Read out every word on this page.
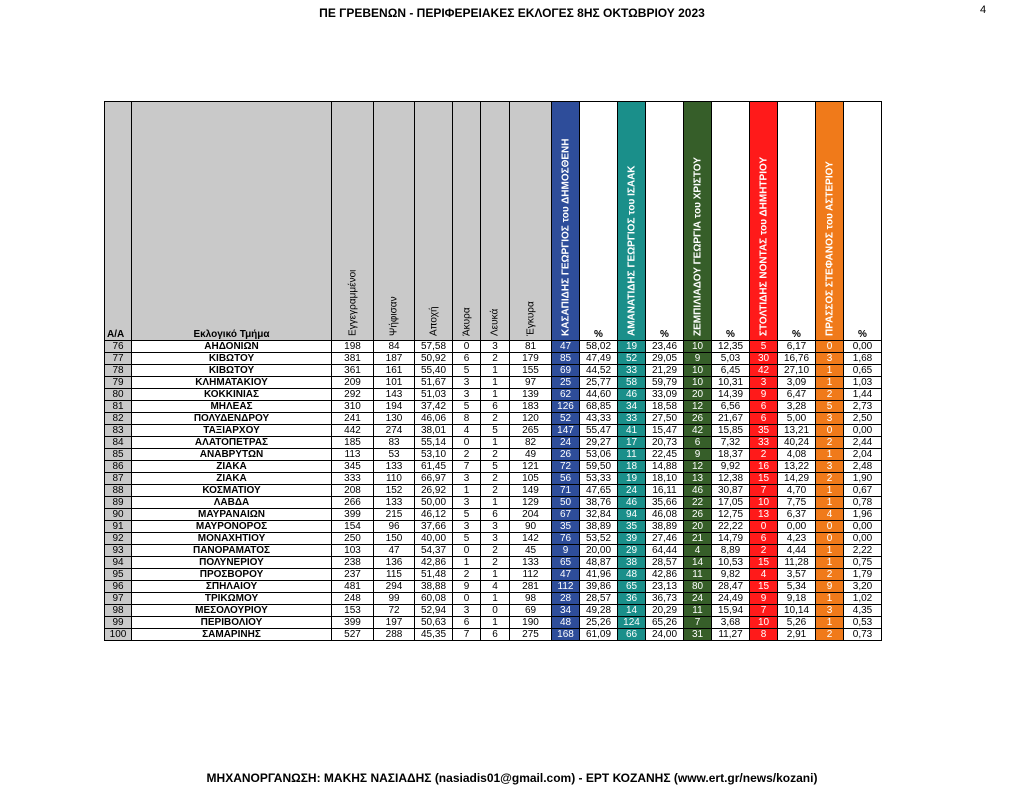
ΠΕ ΓΡΕΒΕΝΩΝ - ΠΕΡΙΦΕΡΕΙΑΚΕΣ ΕΚΛΟΓΕΣ 8ΗΣ ΟΚΤΩΒΡΙΟΥ 2023	4
Α/Α	Εκλογικό Τμήμα	Εγγεγραμμένοι	Ψήφισαν	Αποχή	Άκυρα	Λευκά	Έγκυρα	ΚΑΣΑΠΙΔΗΣ ΓΕΩΡΓΙΟΣ του ΔΗΜΟΣΘΕΝΗ	%	ΑΜΑΝΑΤΙΔΗΣ ΓΕΩΡΓΙΟΣ του ΙΣΑΑΚ	%	ΖΕΜΠΙΛΙΑΔΟΥ ΓΕΩΡΓΙΑ του ΧΡΙΣΤΟΥ	%	ΣΤΟΛΤΙΔΗΣ ΝΟΝΤΑΣ του ΔΗΜΗΤΡΙΟΥ	%	ΠΡΑΣΣΟΣ ΣΤΕΦΑΝΟΣ του ΑΣΤΕΡΙΟΥ	%
76	ΑΗΔΟΝΙΩΝ	198	84	57,58	0	3	81	47	58,02	19	23,46	10	12,35	5	6,17	0	0,00
77	ΚΙΒΩΤΟΥ	381	187	50,92	6	2	179	85	47,49	52	29,05	9	5,03	30	16,76	3	1,68
78	ΚΙΒΩΤΟΥ	361	161	55,40	5	1	155	69	44,52	33	21,29	10	6,45	42	27,10	1	0,65
79	ΚΛΗΜΑΤΑΚΙΟΥ	209	101	51,67	3	1	97	25	25,77	58	59,79	10	10,31	3	3,09	1	1,03
80	ΚΟΚΚΙΝΙΑΣ	292	143	51,03	3	1	139	62	44,60	46	33,09	20	14,39	9	6,47	2	1,44
81	ΜΗΛΕΑΣ	310	194	37,42	5	6	183	126	68,85	34	18,58	12	6,56	6	3,28	5	2,73
82	ΠΟΛΥΔΕΝΔΡΟΥ	241	130	46,06	8	2	120	52	43,33	33	27,50	26	21,67	6	5,00	3	2,50
83	ΤΑΞΙΑΡΧΟΥ	442	274	38,01	4	5	265	147	55,47	41	15,47	42	15,85	35	13,21	0	0,00
84	ΑΛΑΤΟΠΕΤΡΑΣ	185	83	55,14	0	1	82	24	29,27	17	20,73	6	7,32	33	40,24	2	2,44
85	ΑΝΑΒΡΥΤΩΝ	113	53	53,10	2	2	49	26	53,06	11	22,45	9	18,37	2	4,08	1	2,04
86	ΖΙΑΚΑ	345	133	61,45	7	5	121	72	59,50	18	14,88	12	9,92	16	13,22	3	2,48
87	ΖΙΑΚΑ	333	110	66,97	3	2	105	56	53,33	19	18,10	13	12,38	15	14,29	2	1,90
88	ΚΟΣΜΑΤΙΟΥ	208	152	26,92	1	2	149	71	47,65	24	16,11	46	30,87	7	4,70	1	0,67
89	ΛΑΒΔΑ	266	133	50,00	3	1	129	50	38,76	46	35,66	22	17,05	10	7,75	1	0,78
90	ΜΑΥΡΑΝΑΙΩΝ	399	215	46,12	5	6	204	67	32,84	94	46,08	26	12,75	13	6,37	4	1,96
91	ΜΑΥΡΟΝΟΡΟΣ	154	96	37,66	3	3	90	35	38,89	35	38,89	20	22,22	0	0,00	0	0,00
92	ΜΟΝΑΧΗΤΙΟΥ	250	150	40,00	5	3	142	76	53,52	39	27,46	21	14,79	6	4,23	0	0,00
93	ΠΑΝΟΡΑΜΑΤΟΣ	103	47	54,37	0	2	45	9	20,00	29	64,44	4	8,89	2	4,44	1	2,22
94	ΠΟΛΥΝΕΡΙΟΥ	238	136	42,86	1	2	133	65	48,87	38	28,57	14	10,53	15	11,28	1	0,75
95	ΠΡΟΣΒΟΡΟΥ	237	115	51,48	2	1	112	47	41,96	48	42,86	11	9,82	4	3,57	2	1,79
96	ΣΠΗΛΑΙΟΥ	481	294	38,88	9	4	281	112	39,86	65	23,13	80	28,47	15	5,34	9	3,20
97	ΤΡΙΚΩΜΟΥ	248	99	60,08	0	1	98	28	28,57	36	36,73	24	24,49	9	9,18	1	1,02
98	ΜΕΣΟΛΟΥΡΙΟΥ	153	72	52,94	3	0	69	34	49,28	14	20,29	11	15,94	7	10,14	3	4,35
99	ΠΕΡΙΒΟΛΙΟΥ	399	197	50,63	6	1	190	48	25,26	124	65,26	7	3,68	10	5,26	1	0,53
100	ΣΑΜΑΡΙΝΗΣ	527	288	45,35	7	6	275	168	61,09	66	24,00	31	11,27	8	2,91	2	0,73
ΜΗΧΑΝΟΡΓΑΝΩΣΗ: ΜΑΚΗΣ ΝΑΣΙΑΔΗΣ (nasiadis01@gmail.com) - ΕΡΤ ΚΟΖΑΝΗΣ (www.ert.gr/news/kozani)
